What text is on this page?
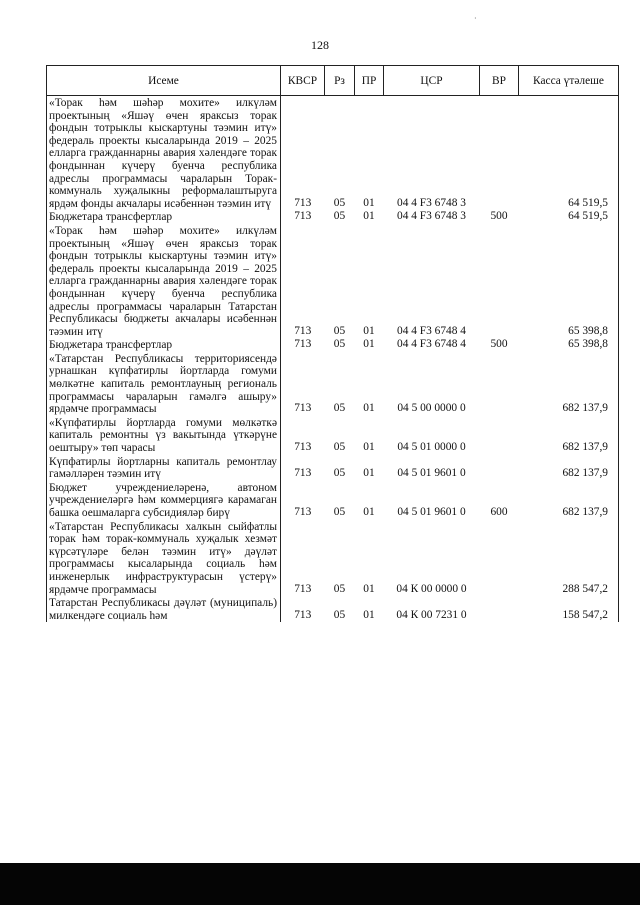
128
·
Исеме	КВСР	Рз	ПР	ЦСР	ВР	Касса үтәлеше
«Торак һәм шәһәр мохите» илкүләм проектының «Яшәү өчен яраксыз торак фондын тотрыклы кыскартуны тәэмин итү» федераль проекты кысаларында 2019 – 2025 елларга гражданнарны авария хәлендәге торак фондыннан күчерү буенча республика адреслы программасы чараларын Торак-коммуналь хуҗалыкны реформалаштыруга ярдәм фонды акчалары исәбеннән тәэмин итү	713	05	01	04 4 F3 6748 3		64 519,5
Бюджетара трансфертлар	713	05	01	04 4 F3 6748 3	500	64 519,5
«Торак һәм шәһәр мохите» илкүләм проектының «Яшәү өчен яраксыз торак фондын тотрыклы кыскартуны тәэмин итү» федераль проекты кысаларында 2019 – 2025 елларга гражданнарны авария хәлендәге торак фондыннан күчерү буенча республика адреслы программасы чараларын Татарстан Республикасы бюджеты акчалары исәбеннән тәэмин итү	713	05	01	04 4 F3 6748 4		65 398,8
Бюджетара трансфертлар	713	05	01	04 4 F3 6748 4	500	65 398,8
«Татарстан Республикасы территориясендә урнашкан күпфатирлы йортларда гомуми мөлкәтне капиталь ремонтлауның региональ программасы чараларын гамәлгә ашыру» ярдәмче программасы	713	05	01	04 5 00 0000 0		682 137,9
«Күпфатирлы йортларда гомуми мөлкәткә капиталь ремонтны үз вакытында үткәрүне оештыру» төп чарасы	713	05	01	04 5 01 0000 0		682 137,9
Күпфатирлы йортларны капиталь ремонтлау гамәлләрен тәэмин итү	713	05	01	04 5 01 9601 0		682 137,9
Бюджет учреждениеләренә, автоном учреждениеләргә һәм коммерциягә карамаган башка оешмаларга субсидияләр бирү	713	05	01	04 5 01 9601 0	600	682 137,9
«Татарстан Республикасы халкын сыйфатлы торак һәм торак-коммуналь хуҗалык хезмәт күрсәтүләре белән тәэмин итү» дәүләт программасы кысаларында социаль һәм инженерлык инфраструктурасын үстерү» ярдәмче программасы	713	05	01	04 К 00 0000 0		288 547,2
Татарстан Республикасы дәүләт (муниципаль) милкендәге социаль һәм	713	05	01	04 К 00 7231 0		158 547,2
